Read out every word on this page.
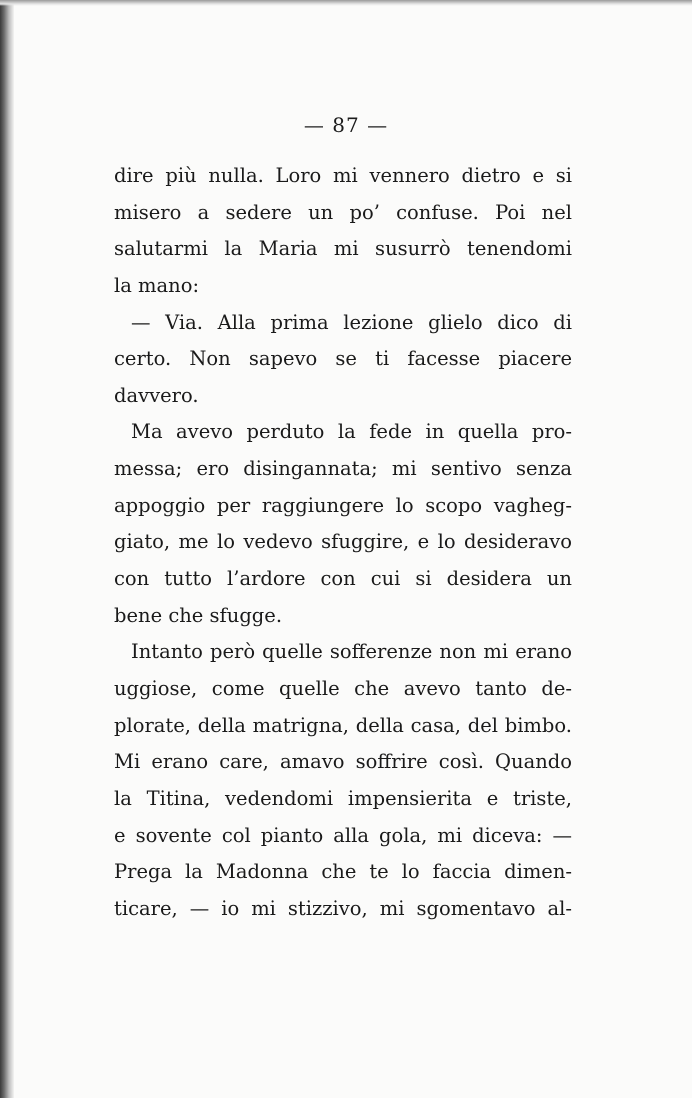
— 87 —
dire più nulla. Loro mi vennero dietro e si
misero a sedere un po’ confuse. Poi nel
salutarmi la Maria mi susurrò tenendomi
la mano:
— Via. Alla prima lezione glielo dico di
certo. Non sapevo se ti facesse piacere
davvero.
Ma avevo perduto la fede in quella pro-
messa; ero disingannata; mi sentivo senza
appoggio per raggiungere lo scopo vagheg-
giato, me lo vedevo sfuggire, e lo desideravo
con tutto l’ardore con cui si desidera un
bene che sfugge.
Intanto però quelle sofferenze non mi erano
uggiose, come quelle che avevo tanto de-
plorate, della matrigna, della casa, del bimbo.
Mi erano care, amavo soffrire così. Quando
la Titina, vedendomi impensierita e triste,
e sovente col pianto alla gola, mi diceva: —
Prega la Madonna che te lo faccia dimen-
ticare, — io mi stizzivo, mi sgomentavo al-
